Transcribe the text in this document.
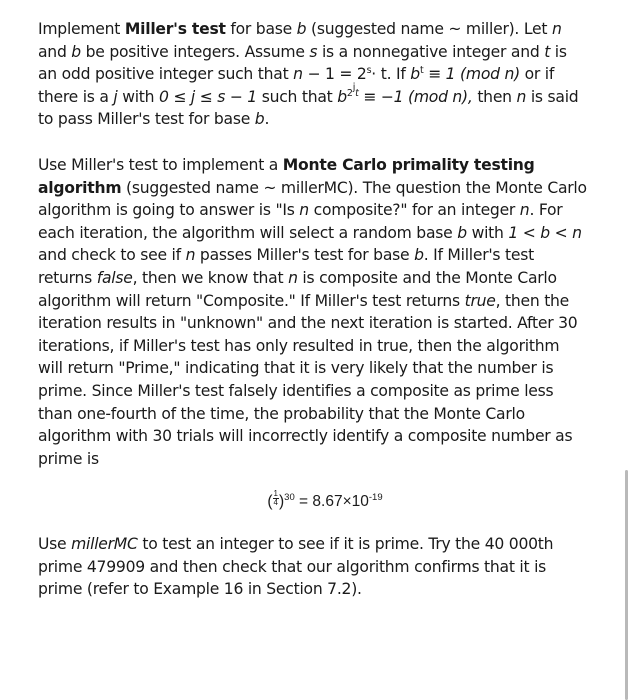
Implement Miller's test for base b (suggested name ~ miller). Let n and b be positive integers. Assume s is a nonnegative integer and t is an odd positive integer such that $n - 1 = 2^s\cdot t$. If $b^t \equiv 1$ (mod n) or if there is a j with 0 ≤ j ≤ s − 1 such that $b^{2^jt} \equiv -1$ (mod n), then n is said to pass Miller's test for base b.

Use Miller's test to implement a Monte Carlo primality testing algorithm (suggested name ~ millerMC). The question the Monte Carlo algorithm is going to answer is "Is n composite?" for an integer n. For each iteration, the algorithm will select a random base b with 1 < b < n and check to see if n passes Miller's test for base b. If Miller's test returns false, then we know that n is composite and the Monte Carlo algorithm will return "Composite." If Miller's test returns true, then the iteration results in "unknown" and the next iteration is started. After 30 iterations, if Miller's test has only resulted in true, then the algorithm will return "Prime," indicating that it is very likely that the number is prime. Since Miller's test falsely identifies a composite as prime less than one-fourth of the time, the probability that the Monte Carlo algorithm with 30 trials will incorrectly identify a composite number as prime is

( $\frac{1}{4} )^{30} = 8.67\times 10^{-19}$

Use millerMC to test an integer to see if it is prime. Try the 40 000th prime 479909 and then check that our algorithm confirms that it is prime (refer to Example 16 in Section 7.2).
